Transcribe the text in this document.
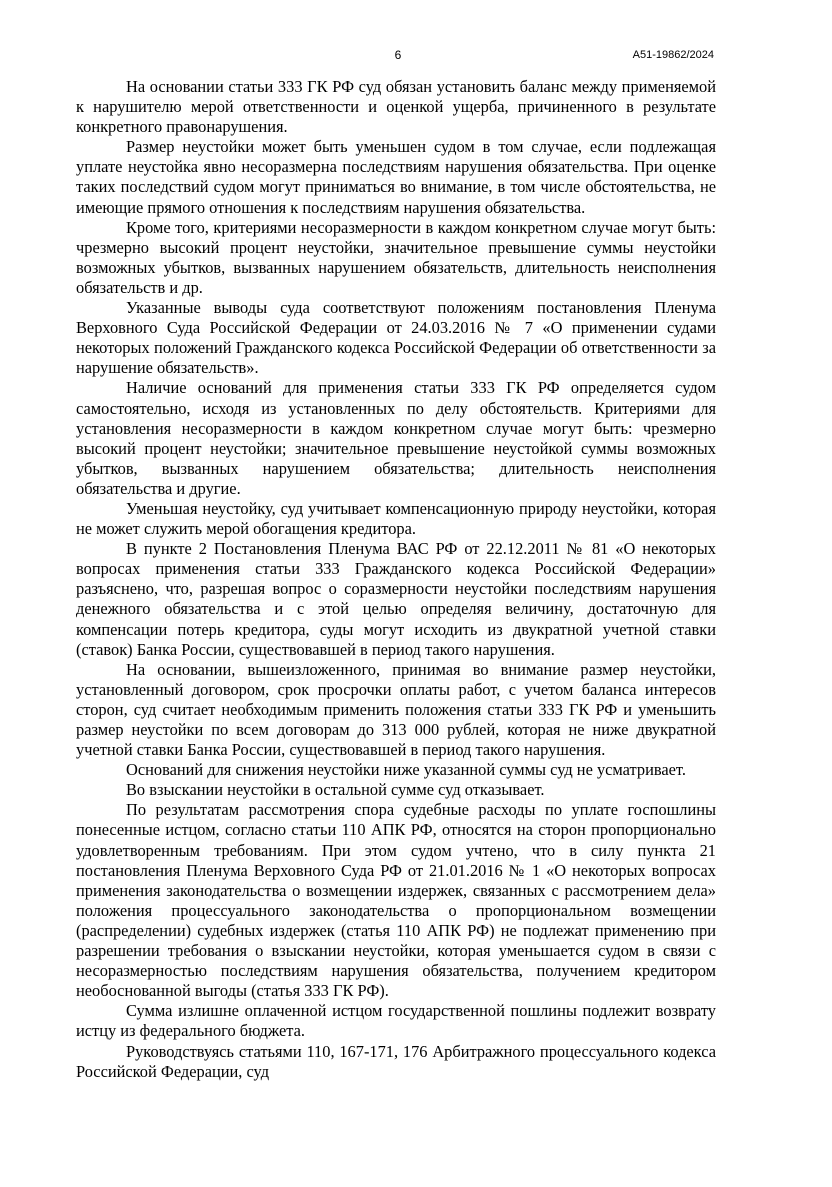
6	А51-19862/2024

На основании статьи 333 ГК РФ суд обязан установить баланс между применяемой к нарушителю мерой ответственности и оценкой ущерба, причиненного в результате конкретного правонарушения.

Размер неустойки может быть уменьшен судом в том случае, если подлежащая уплате неустойка явно несоразмерна последствиям нарушения обязательства. При оценке таких последствий судом могут приниматься во внимание, в том числе обстоятельства, не имеющие прямого отношения к последствиям нарушения обязательства.

Кроме того, критериями несоразмерности в каждом конкретном случае могут быть: чрезмерно высокий процент неустойки, значительное превышение суммы неустойки возможных убытков, вызванных нарушением обязательств, длительность неисполнения обязательств и др.

Указанные выводы суда соответствуют положениям постановления Пленума Верховного Суда Российской Федерации от 24.03.2016 № 7 «О применении судами некоторых положений Гражданского кодекса Российской Федерации об ответственности за нарушение обязательств».

Наличие оснований для применения статьи 333 ГК РФ определяется судом самостоятельно, исходя из установленных по делу обстоятельств. Критериями для установления несоразмерности в каждом конкретном случае могут быть: чрезмерно высокий процент неустойки; значительное превышение неустойкой суммы возможных убытков, вызванных нарушением обязательства; длительность неисполнения обязательства и другие.

Уменьшая неустойку, суд учитывает компенсационную природу неустойки, которая не может служить мерой обогащения кредитора.

В пункте 2 Постановления Пленума ВАС РФ от 22.12.2011 № 81 «О некоторых вопросах применения статьи 333 Гражданского кодекса Российской Федерации» разъяснено, что, разрешая вопрос о соразмерности неустойки последствиям нарушения денежного обязательства и с этой целью определяя величину, достаточную для компенсации потерь кредитора, суды могут исходить из двукратной учетной ставки (ставок) Банка России, существовавшей в период такого нарушения.

На основании, вышеизложенного, принимая во внимание размер неустойки, установленный договором, срок просрочки оплаты работ, с учетом баланса интересов сторон, суд считает необходимым применить положения статьи 333 ГК РФ и уменьшить размер неустойки по всем договорам до 313 000 рублей, которая не ниже двукратной учетной ставки Банка России, существовавшей в период такого нарушения.

Оснований для снижения неустойки ниже указанной суммы суд не усматривает.

Во взыскании неустойки в остальной сумме суд отказывает.

По результатам рассмотрения спора судебные расходы по уплате госпошлины понесенные истцом, согласно статьи 110 АПК РФ, относятся на сторон пропорционально удовлетворенным требованиям. При этом судом учтено, что в силу пункта 21 постановления Пленума Верховного Суда РФ от 21.01.2016 № 1 «О некоторых вопросах применения законодательства о возмещении издержек, связанных с рассмотрением дела» положения процессуального законодательства о пропорциональном возмещении (распределении) судебных издержек (статья 110 АПК РФ) не подлежат применению при разрешении требования о взыскании неустойки, которая уменьшается судом в связи с несоразмерностью последствиям нарушения обязательства, получением кредитором необоснованной выгоды (статья 333 ГК РФ).

Сумма излишне оплаченной истцом государственной пошлины подлежит возврату истцу из федерального бюджета.

Руководствуясь статьями 110, 167-171, 176 Арбитражного процессуального кодекса Российской Федерации, суд
